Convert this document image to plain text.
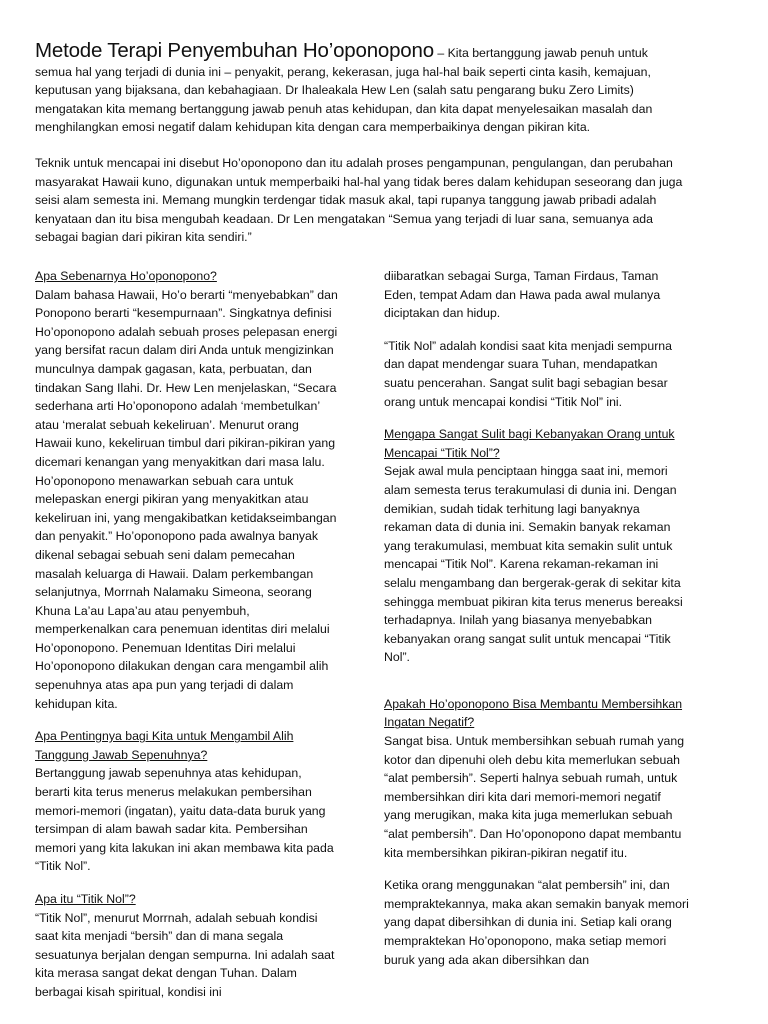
Metode Terapi Penyembuhan Ho’oponopono – Kita bertanggung jawab penuh untuk semua hal yang terjadi di dunia ini – penyakit, perang, kekerasan, juga hal-hal baik seperti cinta kasih, kemajuan, keputusan yang bijaksana, dan kebahagiaan. Dr Ihaleakala Hew Len (salah satu pengarang buku Zero Limits) mengatakan kita memang bertanggung jawab penuh atas kehidupan, dan kita dapat menyelesaikan masalah dan menghilangkan emosi negatif dalam kehidupan kita dengan cara memperbaikinya dengan pikiran kita.

Teknik untuk mencapai ini disebut Ho’oponopono dan itu adalah proses pengampunan, pengulangan, dan perubahan masyarakat Hawaii kuno, digunakan untuk memperbaiki hal-hal yang tidak beres dalam kehidupan seseorang dan juga seisi alam semesta ini. Memang mungkin terdengar tidak masuk akal, tapi rupanya tanggung jawab pribadi adalah kenyataan dan itu bisa mengubah keadaan. Dr Len mengatakan “Semua yang terjadi di luar sana, semuanya ada sebagai bagian dari pikiran kita sendiri.”

Apa Sebenarnya Ho’oponopono?

Dalam bahasa Hawaii, Ho’o berarti “menyebabkan” dan Ponopono berarti “kesempurnaan”. Singkatnya definisi Ho’oponopono adalah sebuah proses pelepasan energi yang bersifat racun dalam diri Anda untuk mengizinkan munculnya dampak gagasan, kata, perbuatan, dan tindakan Sang Ilahi. Dr. Hew Len menjelaskan, “Secara sederhana arti Ho’oponopono adalah ‘membetulkan’ atau ‘meralat sebuah kekeliruan’. Menurut orang Hawaii kuno, kekeliruan timbul dari pikiran-pikiran yang dicemari kenangan yang menyakitkan dari masa lalu. Ho’oponopono menawarkan sebuah cara untuk melepaskan energi pikiran yang menyakitkan atau kekeliruan ini, yang mengakibatkan ketidakseimbangan dan penyakit.” Ho’oponopono pada awalnya banyak dikenal sebagai sebuah seni dalam pemecahan masalah keluarga di Hawaii. Dalam perkembangan selanjutnya, Morrnah Nalamaku Simeona, seorang Khuna La’au Lapa’au atau penyembuh, memperkenalkan cara penemuan identitas diri melalui Ho’oponopono. Penemuan Identitas Diri melalui Ho’oponopono dilakukan dengan cara mengambil alih sepenuhnya atas apa pun yang terjadi di dalam kehidupan kita.

Apa Pentingnya bagi Kita untuk Mengambil Alih Tanggung Jawab Sepenuhnya?

Bertanggung jawab sepenuhnya atas kehidupan, berarti kita terus menerus melakukan pembersihan memori-memori (ingatan), yaitu data-data buruk yang tersimpan di alam bawah sadar kita. Pembersihan memori yang kita lakukan ini akan membawa kita pada “Titik Nol”.

Apa itu “Titik Nol”?

“Titik Nol”, menurut Morrnah, adalah sebuah kondisi saat kita menjadi “bersih” dan di mana segala sesuatunya berjalan dengan sempurna. Ini adalah saat kita merasa sangat dekat dengan Tuhan. Dalam berbagai kisah spiritual, kondisi ini

diibaratkan sebagai Surga, Taman Firdaus, Taman Eden, tempat Adam dan Hawa pada awal mulanya diciptakan dan hidup.

“Titik Nol” adalah kondisi saat kita menjadi sempurna dan dapat mendengar suara Tuhan, mendapatkan suatu pencerahan. Sangat sulit bagi sebagian besar orang untuk mencapai kondisi “Titik Nol” ini.

Mengapa Sangat Sulit bagi Kebanyakan Orang untuk Mencapai “Titik Nol”?

Sejak awal mula penciptaan hingga saat ini, memori alam semesta terus terakumulasi di dunia ini. Dengan demikian, sudah tidak terhitung lagi banyaknya rekaman data di dunia ini. Semakin banyak rekaman yang terakumulasi, membuat kita semakin sulit untuk mencapai “Titik Nol”. Karena rekaman-rekaman ini selalu mengambang dan bergerak-gerak di sekitar kita sehingga membuat pikiran kita terus menerus bereaksi terhadapnya. Inilah yang biasanya menyebabkan kebanyakan orang sangat sulit untuk mencapai “Titik Nol”.

Apakah Ho’oponopono Bisa Membantu Membersihkan Ingatan Negatif?

Sangat bisa. Untuk membersihkan sebuah rumah yang kotor dan dipenuhi oleh debu kita memerlukan sebuah “alat pembersih”. Seperti halnya sebuah rumah, untuk membersihkan diri kita dari memori-memori negatif yang merugikan, maka kita juga memerlukan sebuah “alat pembersih”. Dan Ho’oponopono dapat membantu kita membersihkan pikiran-pikiran negatif itu.

Ketika orang menggunakan “alat pembersih” ini, dan mempraktekannya, maka akan semakin banyak memori yang dapat dibersihkan di dunia ini. Setiap kali orang mempraktekan Ho’oponopono, maka setiap memori buruk yang ada akan dibersihkan dan
